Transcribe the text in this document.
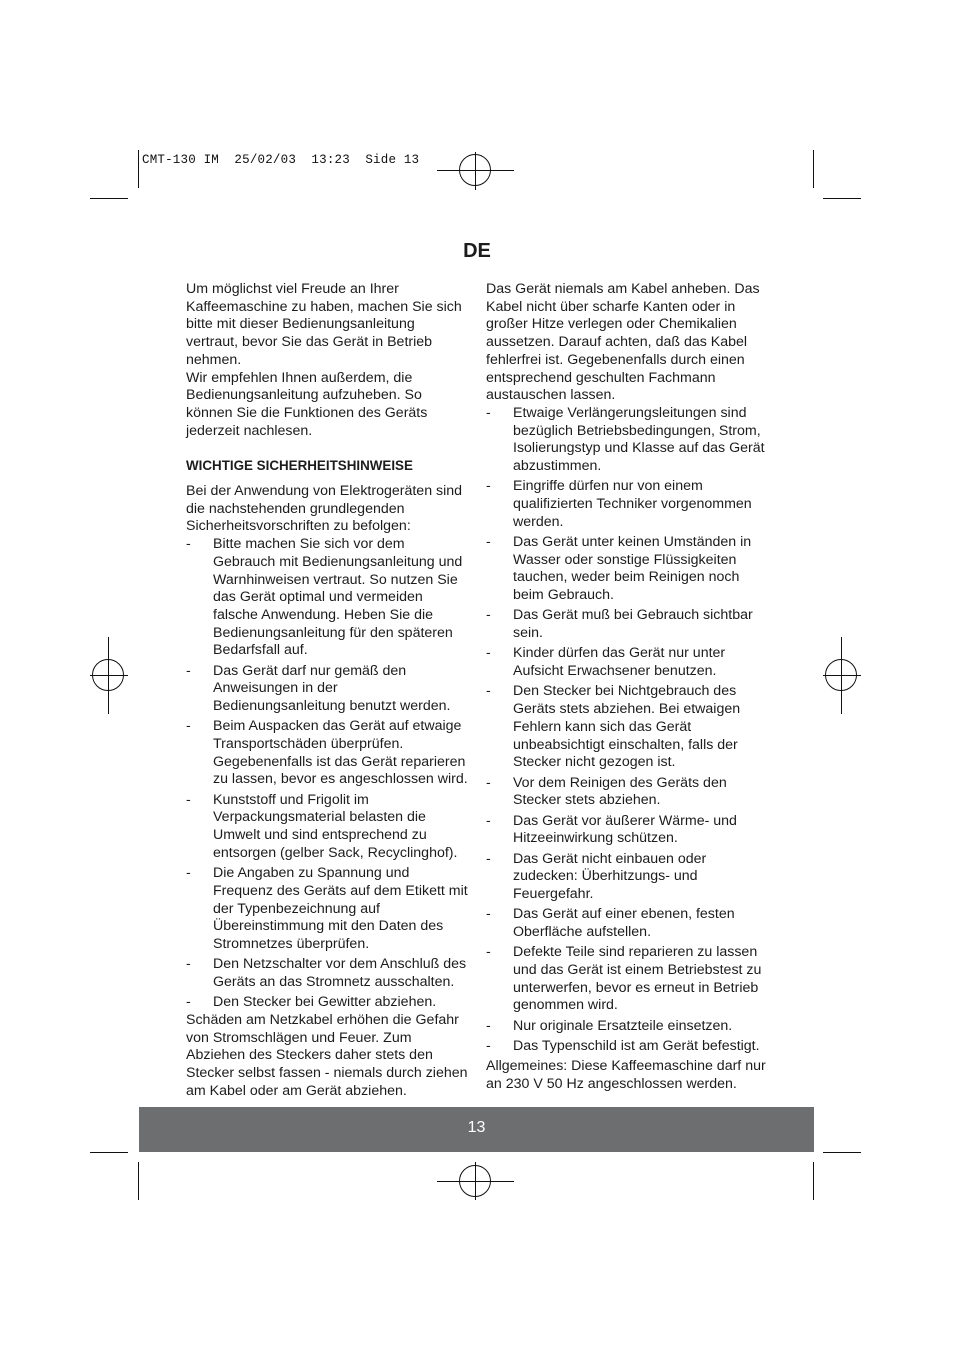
CMT-130 IM  25/02/03  13:23  Side 13
DE

Um möglichst viel Freude an Ihrer Kaffeemaschine zu haben, machen Sie sich bitte mit dieser Bedienungsanleitung vertraut, bevor Sie das Gerät in Betrieb nehmen.

Wir empfehlen Ihnen außerdem, die Bedienungsanleitung aufzuheben. So können Sie die Funktionen des Geräts jederzeit nachlesen.

WICHTIGE SICHERHEITSHINWEISE

Bei der Anwendung von Elektrogeräten sind die nachstehenden grundlegenden Sicherheitsvorschriften zu befolgen:

- Bitte machen Sie sich vor dem Gebrauch mit Bedienungsanleitung und Warnhinweisen vertraut. So nutzen Sie das Gerät optimal und vermeiden falsche Anwendung. Heben Sie die Bedienungsanleitung für den späteren Bedarfsfall auf.
- Das Gerät darf nur gemäß den Anweisungen in der Bedienungsanleitung benutzt werden.
- Beim Auspacken das Gerät auf etwaige Transportschäden überprüfen. Gegebenenfalls ist das Gerät reparieren zu lassen, bevor es angeschlossen wird.
- Kunststoff und Frigolit im Verpackungsmaterial belasten die Umwelt und sind entsprechend zu entsorgen (gelber Sack, Recyclinghof).
- Die Angaben zu Spannung und Frequenz des Geräts auf dem Etikett mit der Typenbezeichnung auf Übereinstimmung mit den Daten des Stromnetzes überprüfen.
- Den Netzschalter vor dem Anschluß des Geräts an das Stromnetz ausschalten.
- Den Stecker bei Gewitter abziehen.

Schäden am Netzkabel erhöhen die Gefahr von Stromschlägen und Feuer. Zum Abziehen des Steckers daher stets den Stecker selbst fassen - niemals durch ziehen am Kabel oder am Gerät abziehen.

Das Gerät niemals am Kabel anheben. Das Kabel nicht über scharfe Kanten oder in großer Hitze verlegen oder Chemikalien aussetzen. Darauf achten, daß das Kabel fehlerfrei ist. Gegebenenfalls durch einen entsprechend geschulten Fachmann austauschen lassen.

- Etwaige Verlängerungsleitungen sind bezüglich Betriebsbedingungen, Strom, Isolierungstyp und Klasse auf das Gerät abzustimmen.
- Eingriffe dürfen nur von einem qualifizierten Techniker vorgenommen werden.
- Das Gerät unter keinen Umständen in Wasser oder sonstige Flüssigkeiten tauchen, weder beim Reinigen noch beim Gebrauch.
- Das Gerät muß bei Gebrauch sichtbar sein.
- Kinder dürfen das Gerät nur unter Aufsicht Erwachsener benutzen.
- Den Stecker bei Nichtgebrauch des Geräts stets abziehen. Bei etwaigen Fehlern kann sich das Gerät unbeabsichtigt einschalten, falls der Stecker nicht gezogen ist.
- Vor dem Reinigen des Geräts den Stecker stets abziehen.
- Das Gerät vor äußerer Wärme- und Hitzeeinwirkung schützen.
- Das Gerät nicht einbauen oder zudecken: Überhitzungs- und Feuergefahr.
- Das Gerät auf einer ebenen, festen Oberfläche aufstellen.
- Defekte Teile sind reparieren zu lassen und das Gerät ist einem Betriebstest zu unterwerfen, bevor es erneut in Betrieb genommen wird.
- Nur originale Ersatzteile einsetzen.
- Das Typenschild ist am Gerät befestigt.

Allgemeines: Diese Kaffeemaschine darf nur an 230 V 50 Hz angeschlossen werden.

13
